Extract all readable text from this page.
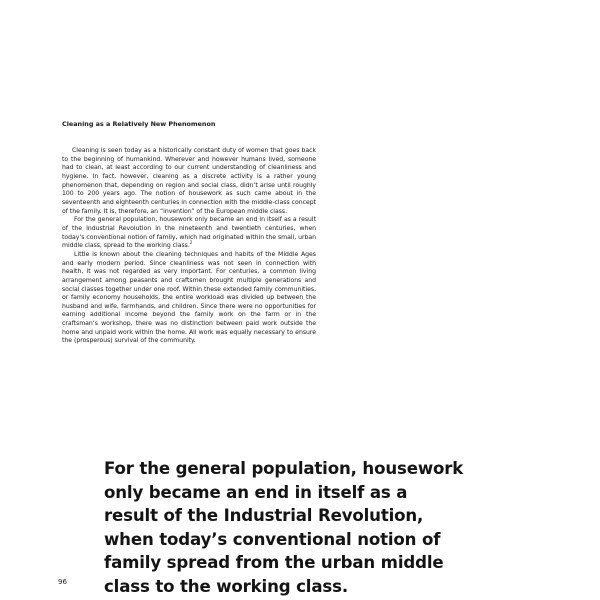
Cleaning as a Relatively New Phenomenon

Cleaning is seen today as a historically constant duty of women that goes back to the beginning of humankind. Wherever and however humans lived, someone had to clean, at least according to our current understanding of cleanliness and hygiene. In fact, however, cleaning as a discrete activity is a rather young phenomenon that, depending on region and social class, didn’t arise until roughly 100 to 200 years ago. The notion of housework as such came about in the seventeenth and eighteenth centuries in connection with the middle-class concept of the family. It is, therefore, an “invention” of the European middle class.

For the general population, housework only became an end in itself as a result of the Industrial Revolution in the nineteenth and twentieth centuries, when today’s conventional notion of family, which had originated within the small, urban middle class, spread to the working class.$^2$

Little is known about the cleaning techniques and habits of the Middle Ages and early modern period. Since cleanliness was not seen in connection with health, it was not regarded as very important. For centuries, a common living arrangement among peasants and craftsmen brought multiple generations and social classes together under one roof. Within these extended family communities, or family economy households, the entire workload was divided up between the husband and wife, farmhands, and children. Since there were no opportunities for earning additional income beyond the family work on the farm or in the craftsman’s workshop, there was no distinction between paid work outside the home and unpaid work within the home. All work was equally necessary to ensure the (prosperous) survival of the community.

For the general population, housework only became an end in itself as a result of the Industrial Revolution, when today’s conventional notion of family spread from the urban middle class to the working class.

96
